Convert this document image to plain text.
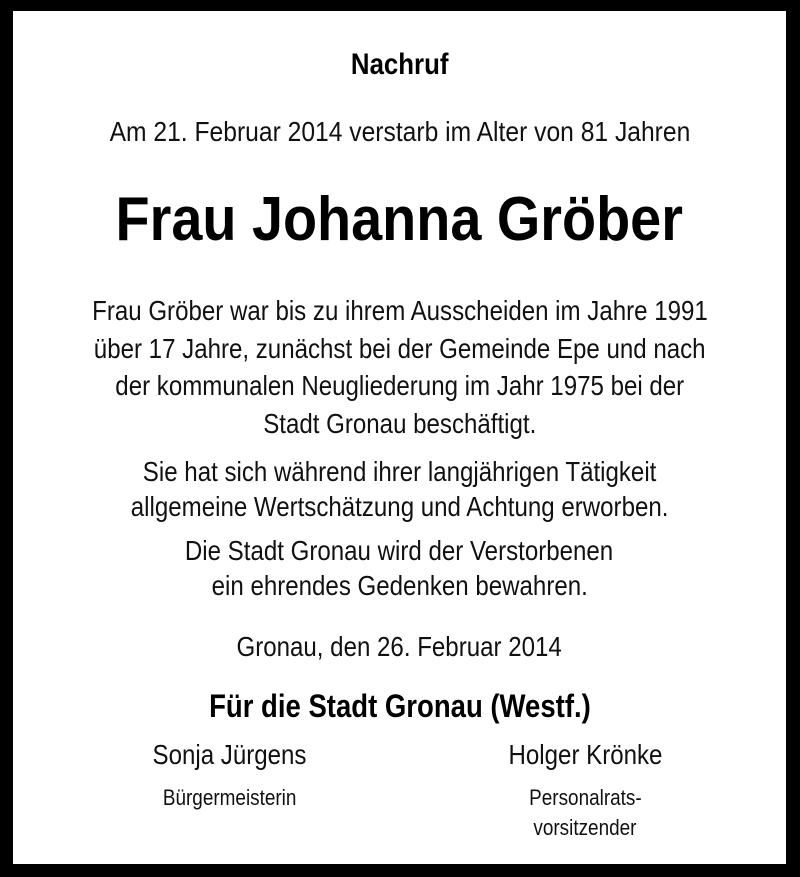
Nachruf
Am 21. Februar 2014 verstarb im Alter von 81 Jahren
Frau Johanna Gröber
Frau Gröber war bis zu ihrem Ausscheiden im Jahre 1991
über 17 Jahre, zunächst bei der Gemeinde Epe und nach
der kommunalen Neugliederung im Jahr 1975 bei der
Stadt Gronau beschäftigt.
Sie hat sich während ihrer langjährigen Tätigkeit
allgemeine Wertschätzung und Achtung erworben.
Die Stadt Gronau wird der Verstorbenen
ein ehrendes Gedenken bewahren.
Gronau, den 26. Februar 2014
Für die Stadt Gronau (Westf.)
Sonja Jürgens
Bürgermeisterin
Holger Krönke
Personalrats-
vorsitzender
